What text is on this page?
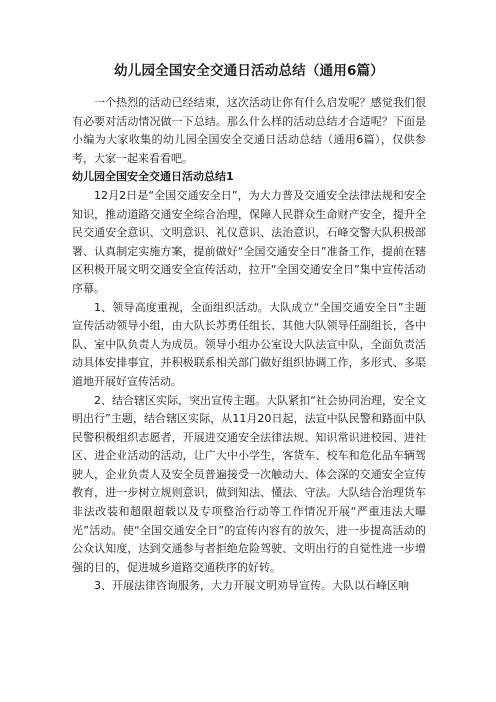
幼儿园全国安全交通日活动总结（通用6篇）

一个热烈的活动已经结束，这次活动让你有什么启发呢？感觉我们很有必要对活动情况做一下总结。那么什么样的活动总结才合适呢？下面是小编为大家收集的幼儿园全国安全交通日活动总结（通用6篇），仅供参考，大家一起来看看吧。

幼儿园全国安全交通日活动总结1

12月2日是“全国交通安全日”，为大力普及交通安全法律法规和安全知识，推动道路交通安全综合治理，保障人民群众生命财产安全，提升全民交通安全意识、文明意识、礼仪意识、法治意识，石峰交警大队积极部署、认真制定实施方案，提前做好“全国交通安全日”准备工作，提前在辖区积极开展文明交通安全宣传活动，拉开“全国交通安全日”集中宣传活动序幕。

1、领导高度重视，全面组织活动。大队成立“全国交通安全日”主题宣传活动领导小组，由大队长苏勇任组长、其他大队领导任副组长，各中队、室中队负责人为成员。领导小组办公室设大队法宣中队，全面负责活动具体安排事宜，并积极联系相关部门做好组织协调工作，多形式、多渠道地开展好宣传活动。

2、结合辖区实际，突出宣传主题。大队紧扣“社会协同治理，安全文明出行”主题，结合辖区实际，从11月20日起，法宣中队民警和路面中队民警积极组织志愿者，开展进交通安全法律法规、知识常识进校园、进社区、进企业活动的活动，让广大中小学生，客货车、校车和危化品车辆驾驶人，企业负责人及安全员普遍接受一次触动大、体会深的交通安全宣传教育，进一步树立规则意识，做到知法、懂法、守法。大队结合治理货车非法改装和超限超载以及专项整治行动等工作情况开展“严重违法大曝光”活动。使“全国交通安全日”的宣传内容有的放矢，进一步提高活动的公众认知度，达到交通参与者拒绝危险驾驶、文明出行的自觉性进一步增强的目的，促进城乡道路交通秩序的好转。

3、开展法律咨询服务，大力开展文明劝导宣传。大队以石峰区响
